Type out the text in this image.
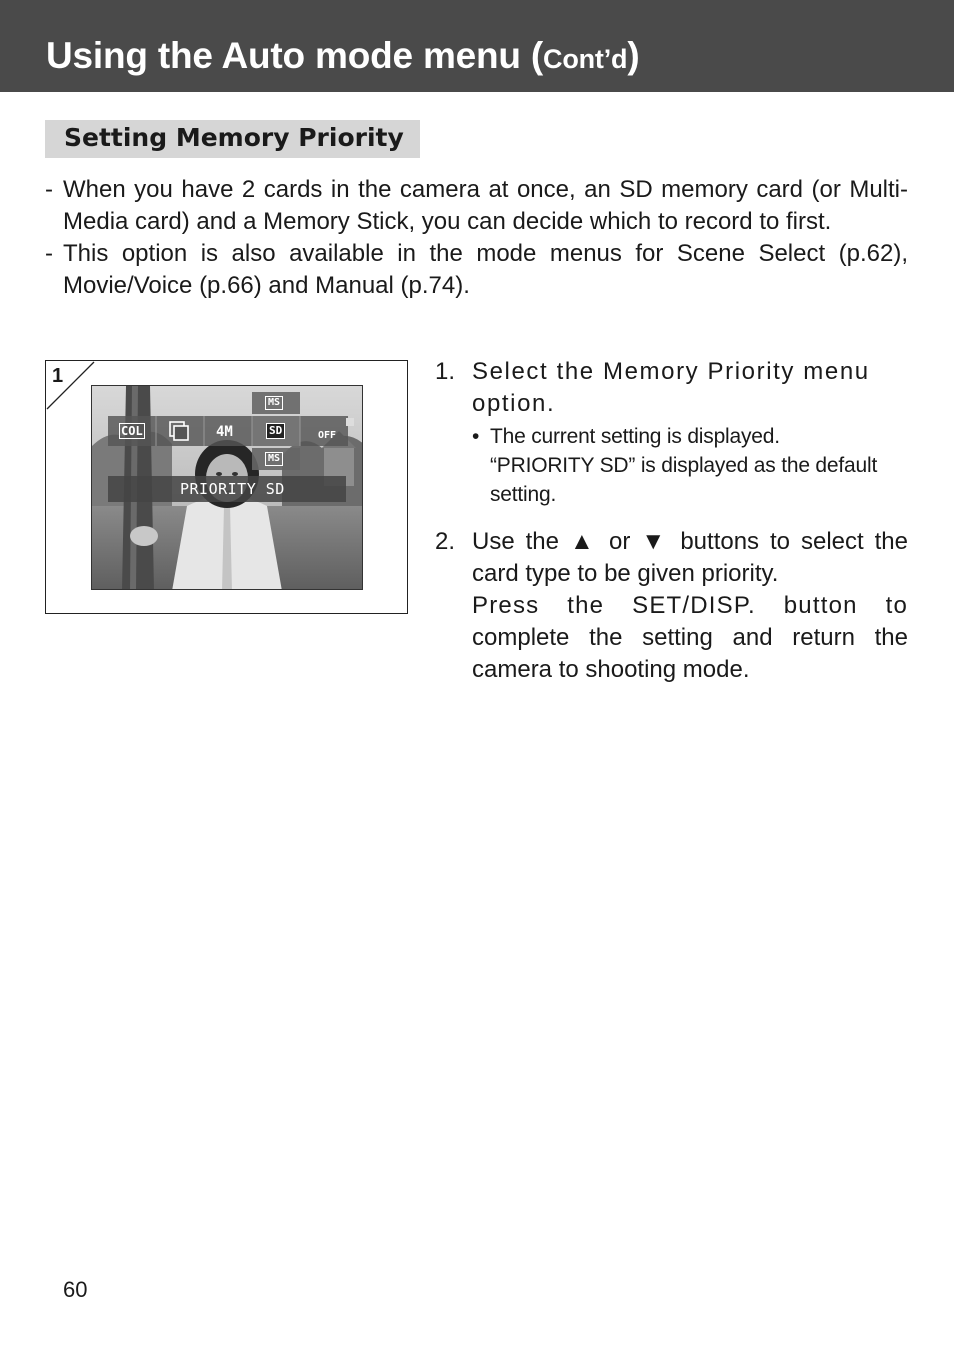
Using the Auto mode menu (Cont’d)
Setting Memory Priority

- When you have 2 cards in the camera at once, an SD memory card (or Multi-Media card) and a Memory Stick, you can decide which to record to first.

- This option is also available in the mode menus for Scene Select (p.62), Movie/Voice (p.66) and Manual (p.74).

1
COL	4M	SD	OFF
MS
MS
PRIORITY SD
1. Select the Memory Priority menu option.

• The current setting is displayed.

“PRIORITY SD” is displayed as the default setting.

2. Use the ▲ or ▼ buttons to select the card type to be given priority.

Press the SET/DISP. button to

complete the setting and return the camera to shooting mode.

60
